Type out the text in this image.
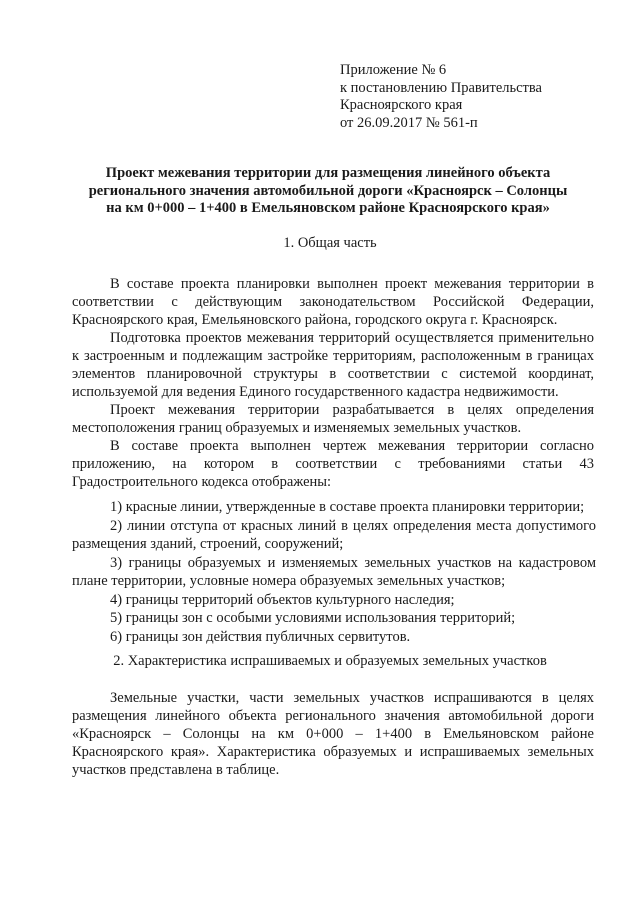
Приложение № 6
к постановлению Правительства
Красноярского края
от 26.09.2017 № 561-п
Проект межевания территории для размещения линейного объекта
регионального значения автомобильной дороги «Красноярск – Солонцы
на км 0+000 – 1+400 в Емельяновском районе Красноярского края»
1. Общая часть

В составе проекта планировки выполнен проект межевания территории в соответствии с действующим законодательством Российской Федерации, Красноярского края, Емельяновского района, городского округа г. Красноярск.

Подготовка проектов межевания территорий осуществляется применительно к застроенным и подлежащим застройке территориям, расположенным в границах элементов планировочной структуры в соответствии с системой координат, используемой для ведения Единого государственного кадастра недвижимости.

Проект межевания территории разрабатывается в целях определения местоположения границ образуемых и изменяемых земельных участков.

В составе проекта выполнен чертеж межевания территории согласно приложению, на котором в соответствии с требованиями статьи 43 Градостроительного кодекса отображены:

1) красные линии, утвержденные в составе проекта планировки территории;
2) линии отступа от красных линий в целях определения места допустимого размещения зданий, строений, сооружений;
3) границы образуемых и изменяемых земельных участков на кадастровом плане территории, условные номера образуемых земельных участков;
4) границы территорий объектов культурного наследия;
5) границы зон с особыми условиями использования территорий;
6) границы зон действия публичных сервитутов.
2. Характеристика испрашиваемых и образуемых земельных участков

Земельные участки, части земельных участков испрашиваются в целях размещения линейного объекта регионального значения автомобильной дороги «Красноярск – Солонцы на км 0+000 – 1+400 в Емельяновском районе Красноярского края». Характеристика образуемых и испрашиваемых земельных участков представлена в таблице.
